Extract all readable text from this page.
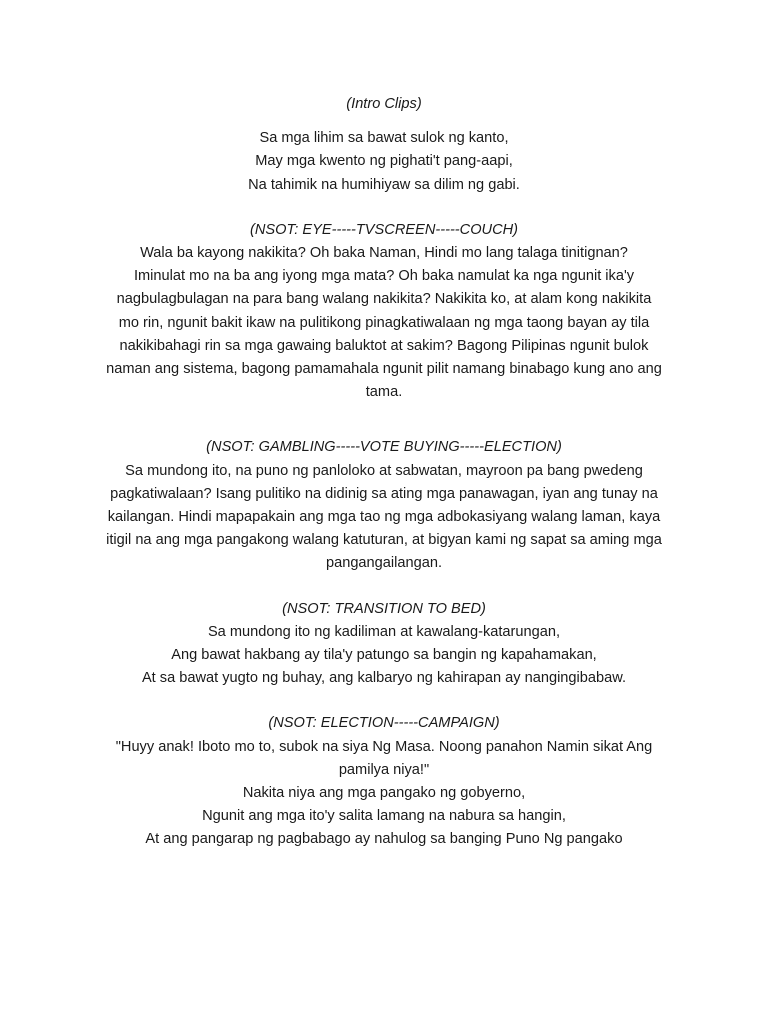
(Intro Clips)

Sa mga lihim sa bawat sulok ng kanto,
May mga kwento ng pighati't pang-aapi,
Na tahimik na humihiyaw sa dilim ng gabi.

(NSOT: EYE-----TVSCREEN-----COUCH)

Wala ba kayong nakikita? Oh baka Naman, Hindi mo lang talaga tinitignan?
Iminulat mo na ba ang iyong mga mata? Oh baka namulat ka nga ngunit ika'y
nagbulagbulagan na para bang walang nakikita? Nakikita ko, at alam kong nakikita
mo rin, ngunit bakit ikaw na pulitikong pinagkatiwalaan ng mga taong bayan ay tila
nakikibahagi rin sa mga gawaing baluktot at sakim? Bagong Pilipinas ngunit bulok
naman ang sistema, bagong pamamahala ngunit pilit namang binabago kung ano ang
tama.

(NSOT: GAMBLING-----VOTE BUYING-----ELECTION)

Sa mundong ito, na puno ng panloloko at sabwatan, mayroon pa bang pwedeng
pagkatiwalaan? Isang pulitiko na didinig sa ating mga panawagan, iyan ang tunay na
kailangan. Hindi mapapakain ang mga tao ng mga adbokasiyang walang laman, kaya
itigil na ang mga pangakong walang katuturan, at bigyan kami ng sapat sa aming mga
pangangailangan.

(NSOT: TRANSITION TO BED)

Sa mundong ito ng kadiliman at kawalang-katarungan,
Ang bawat hakbang ay tila'y patungo sa bangin ng kapahamakan,
At sa bawat yugto ng buhay, ang kalbaryo ng kahirapan ay nangingibabaw.

(NSOT: ELECTION-----CAMPAIGN)

"Huyy anak! Iboto mo to, subok na siya Ng Masa. Noong panahon Namin sikat Ang
pamilya niya!"
Nakita niya ang mga pangako ng gobyerno,
Ngunit ang mga ito'y salita lamang na nabura sa hangin,
At ang pangarap ng pagbabago ay nahulog sa banging Puno Ng pangako
